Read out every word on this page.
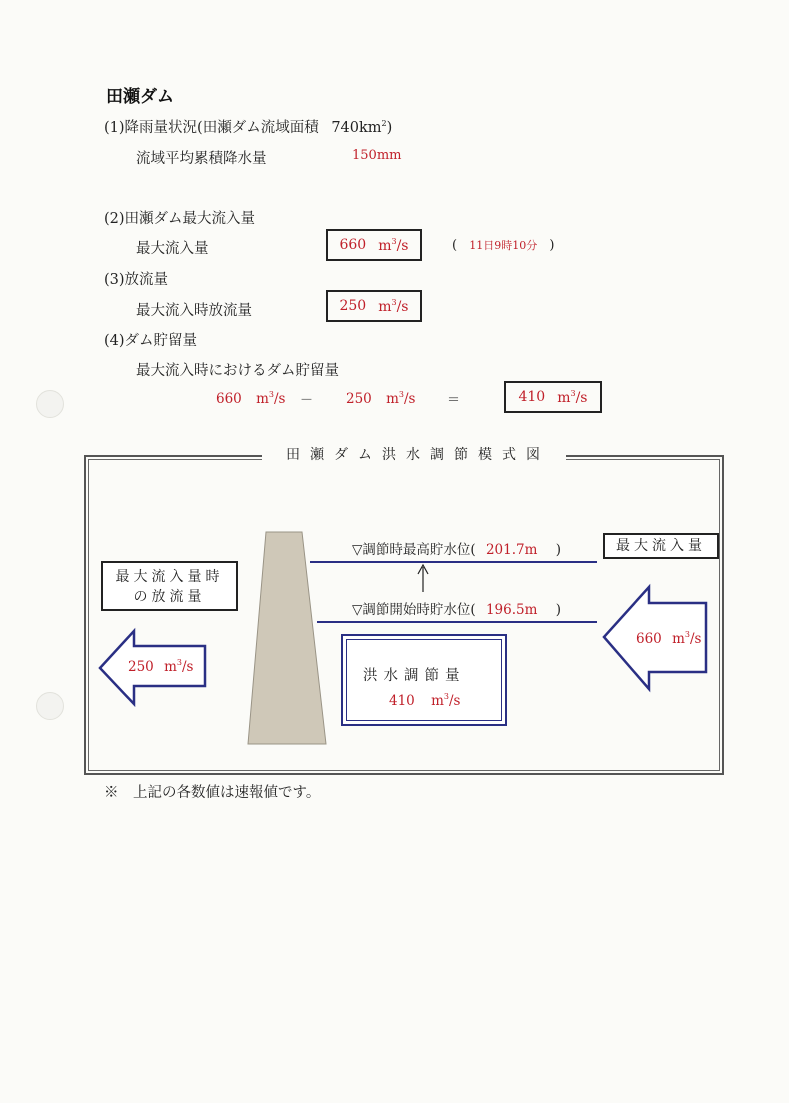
田瀬ダム
(1)降雨量状況(田瀬ダム流域面積 $740km^2$)
流域平均累積降水量	150mm
(2)田瀬ダム最大流入量
最大流入量	660 $m^3/s$	( 11日9時10分 )
(3)放流量
最大流入時放流量	250 $m^3/s$
(4)ダム貯留量
最大流入時におけるダム貯留量
660 $m^3/s - 250$ $m^3/s$ ＝	410 $m^3/s$
田瀬ダム洪水調節模式図
▽調節時最高貯水位( 201.7m )
▽調節開始時貯水位( 196.5m )
最大流入量
最大流入量時
の放流量
660 $m^3/s$
250 $m^3/s$
洪水調節量
410 $m^3/s$
※　上記の各数値は速報値です。
